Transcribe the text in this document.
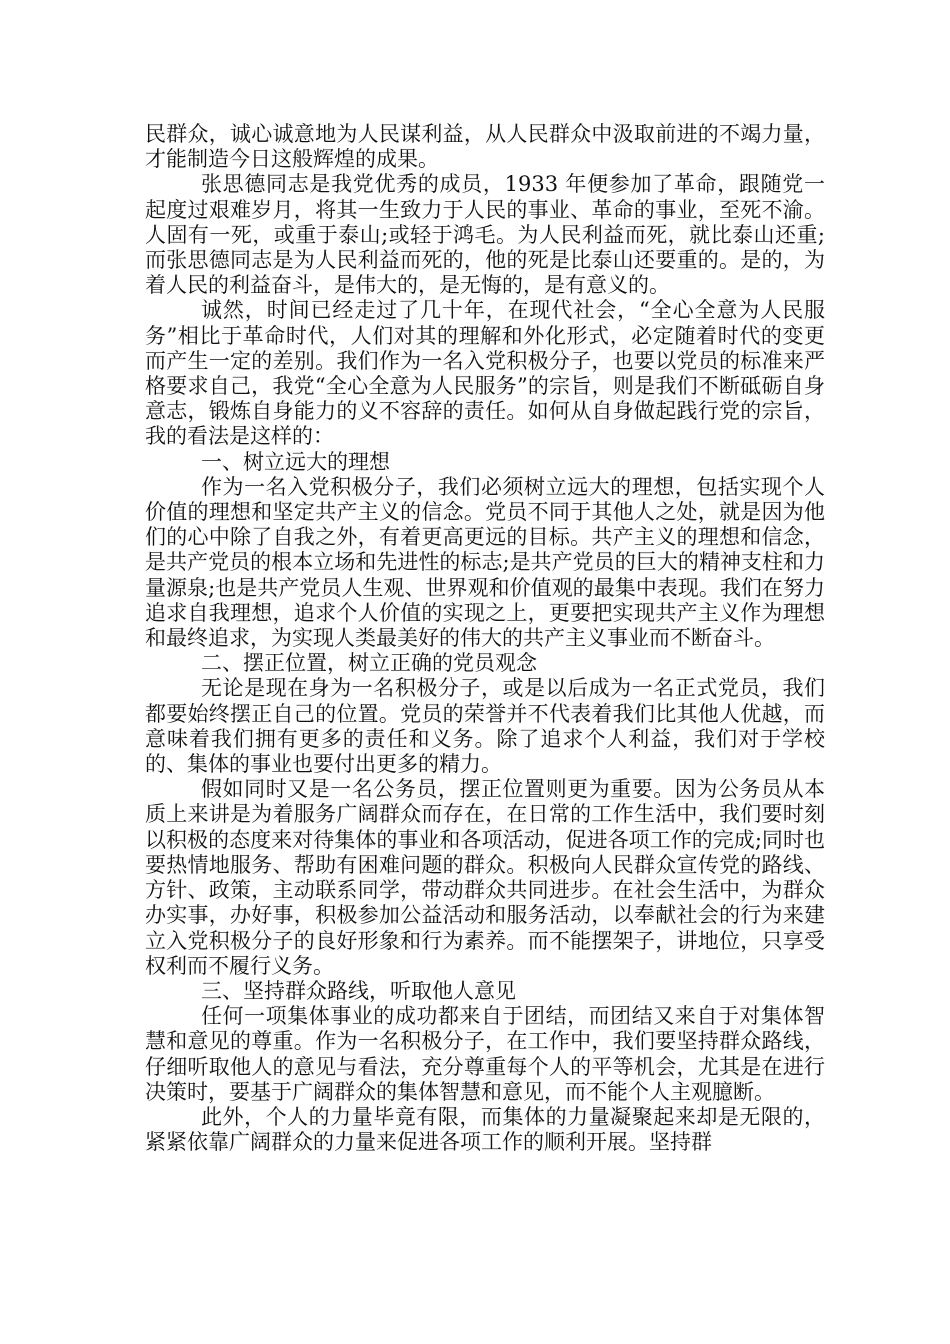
民群众，诚心诚意地为人民谋利益，从人民群众中汲取前进的不竭力量，才能制造今日这般辉煌的成果。

张思德同志是我党优秀的成员，1933 年便参加了革命，跟随党一起度过艰难岁月，将其一生致力于人民的事业、革命的事业，至死不渝。人固有一死，或重于泰山;或轻于鸿毛。为人民利益而死，就比泰山还重;而张思德同志是为人民利益而死的，他的死是比泰山还要重的。是的，为着人民的利益奋斗，是伟大的，是无悔的，是有意义的。

诚然，时间已经走过了几十年，在现代社会，“全心全意为人民服务”相比于革命时代，人们对其的理解和外化形式，必定随着时代的变更而产生一定的差别。我们作为一名入党积极分子，也要以党员的标准来严格要求自己，我党“全心全意为人民服务”的宗旨，则是我们不断砥砺自身意志，锻炼自身能力的义不容辞的责任。如何从自身做起践行党的宗旨，我的看法是这样的：

一、树立远大的理想

作为一名入党积极分子，我们必须树立远大的理想，包括实现个人价值的理想和坚定共产主义的信念。党员不同于其他人之处，就是因为他们的心中除了自我之外，有着更高更远的目标。共产主义的理想和信念，是共产党员的根本立场和先进性的标志;是共产党员的巨大的精神支柱和力量源泉;也是共产党员人生观、世界观和价值观的最集中表现。我们在努力追求自我理想，追求个人价值的实现之上，更要把实现共产主义作为理想和最终追求，为实现人类最美好的伟大的共产主义事业而不断奋斗。

二、摆正位置，树立正确的党员观念

无论是现在身为一名积极分子，或是以后成为一名正式党员，我们都要始终摆正自己的位置。党员的荣誉并不代表着我们比其他人优越，而意味着我们拥有更多的责任和义务。除了追求个人利益，我们对于学校的、集体的事业也要付出更多的精力。

假如同时又是一名公务员，摆正位置则更为重要。因为公务员从本质上来讲是为着服务广阔群众而存在，在日常的工作生活中，我们要时刻以积极的态度来对待集体的事业和各项活动，促进各项工作的完成;同时也要热情地服务、帮助有困难问题的群众。积极向人民群众宣传党的路线、方针、政策，主动联系同学，带动群众共同进步。在社会生活中，为群众办实事，办好事，积极参加公益活动和服务活动，以奉献社会的行为来建立入党积极分子的良好形象和行为素养。而不能摆架子，讲地位，只享受权利而不履行义务。

三、坚持群众路线，听取他人意见

任何一项集体事业的成功都来自于团结，而团结又来自于对集体智慧和意见的尊重。作为一名积极分子，在工作中，我们要坚持群众路线，仔细听取他人的意见与看法，充分尊重每个人的平等机会，尤其是在进行决策时，要基于广阔群众的集体智慧和意见，而不能个人主观臆断。

此外，个人的力量毕竟有限，而集体的力量凝聚起来却是无限的，紧紧依靠广阔群众的力量来促进各项工作的顺利开展。坚持群
